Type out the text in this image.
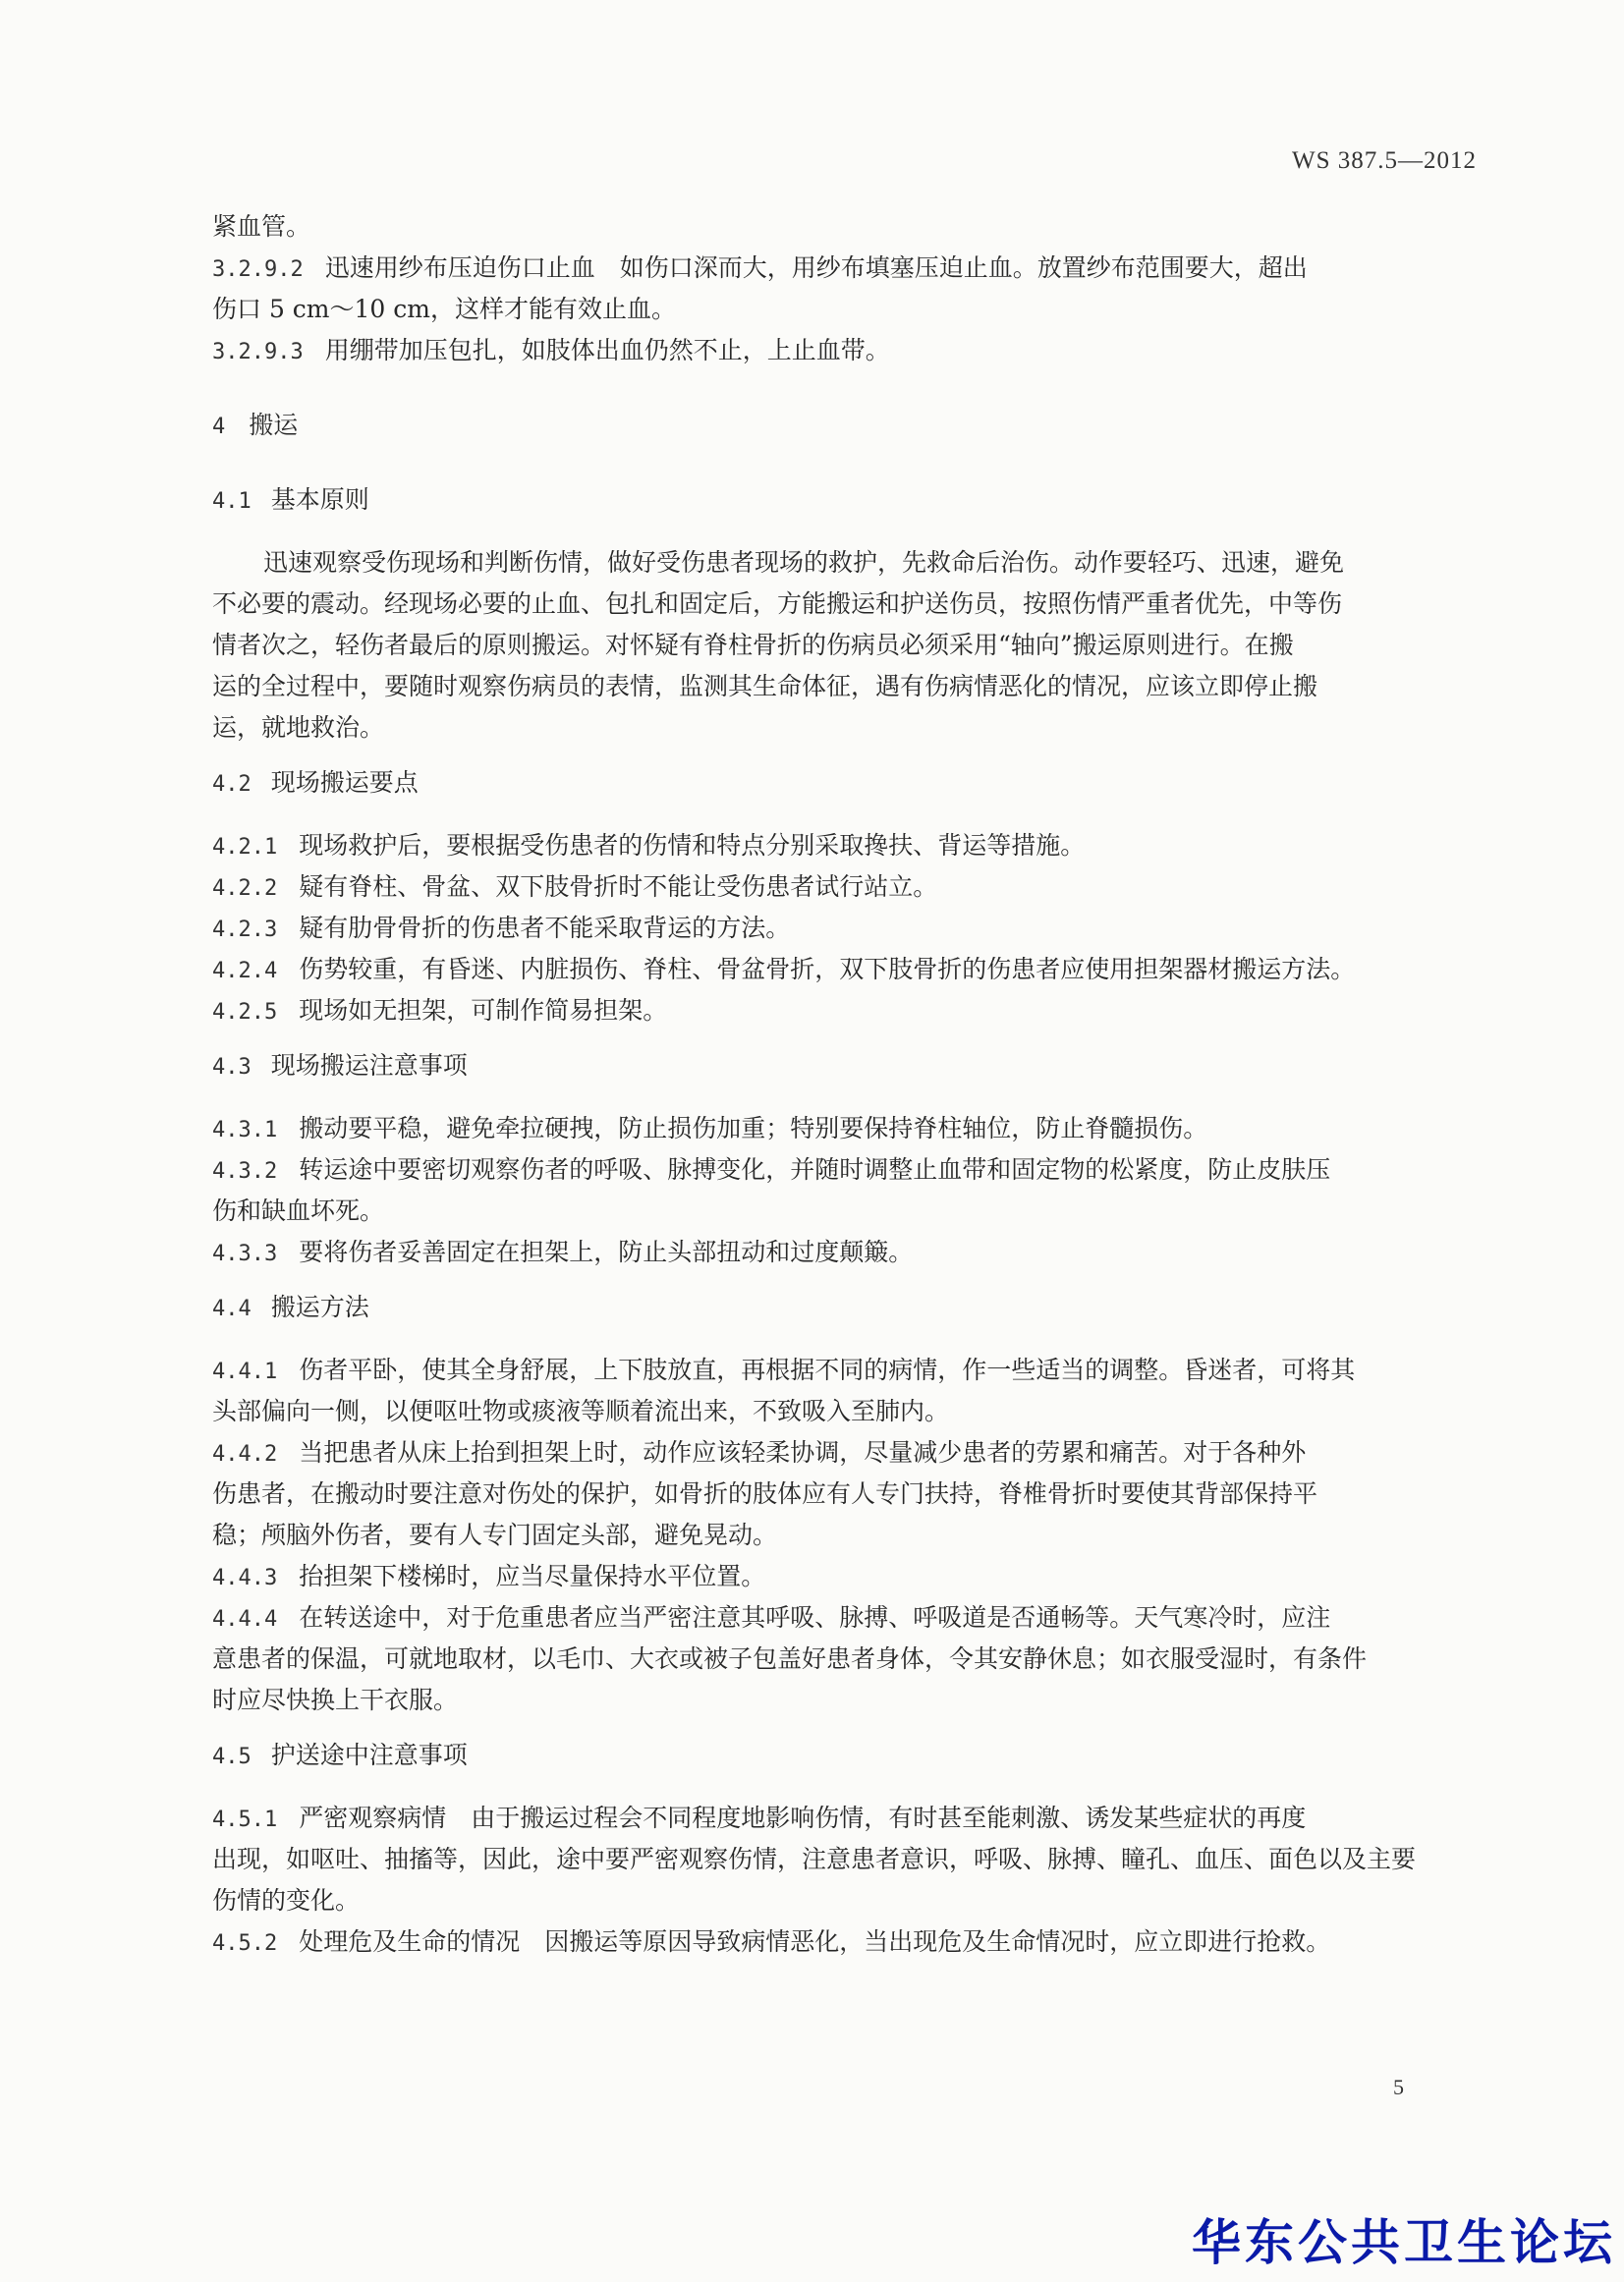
WS 387.5—2012
紧血管。
3.2.9.2 迅速用纱布压迫伤口止血　如伤口深而大，用纱布填塞压迫止血。放置纱布范围要大，超出
伤口 5 cm～10 cm，这样才能有效止血。
3.2.9.3 用绷带加压包扎，如肢体出血仍然不止，上止血带。
4 搬运
4.1 基本原则
迅速观察受伤现场和判断伤情，做好受伤患者现场的救护，先救命后治伤。动作要轻巧、迅速，避免
不必要的震动。经现场必要的止血、包扎和固定后，方能搬运和护送伤员，按照伤情严重者优先，中等伤
情者次之，轻伤者最后的原则搬运。对怀疑有脊柱骨折的伤病员必须采用“轴向”搬运原则进行。在搬
运的全过程中，要随时观察伤病员的表情，监测其生命体征，遇有伤病情恶化的情况，应该立即停止搬
运，就地救治。
4.2 现场搬运要点
4.2.1 现场救护后，要根据受伤患者的伤情和特点分别采取搀扶、背运等措施。
4.2.2 疑有脊柱、骨盆、双下肢骨折时不能让受伤患者试行站立。
4.2.3 疑有肋骨骨折的伤患者不能采取背运的方法。
4.2.4 伤势较重，有昏迷、内脏损伤、脊柱、骨盆骨折，双下肢骨折的伤患者应使用担架器材搬运方法。
4.2.5 现场如无担架，可制作简易担架。
4.3 现场搬运注意事项
4.3.1 搬动要平稳，避免牵拉硬拽，防止损伤加重；特别要保持脊柱轴位，防止脊髓损伤。
4.3.2 转运途中要密切观察伤者的呼吸、脉搏变化，并随时调整止血带和固定物的松紧度，防止皮肤压
伤和缺血坏死。
4.3.3 要将伤者妥善固定在担架上，防止头部扭动和过度颠簸。
4.4 搬运方法
4.4.1 伤者平卧，使其全身舒展，上下肢放直，再根据不同的病情，作一些适当的调整。昏迷者，可将其
头部偏向一侧，以便呕吐物或痰液等顺着流出来，不致吸入至肺内。
4.4.2 当把患者从床上抬到担架上时，动作应该轻柔协调，尽量减少患者的劳累和痛苦。对于各种外
伤患者，在搬动时要注意对伤处的保护，如骨折的肢体应有人专门扶持，脊椎骨折时要使其背部保持平
稳；颅脑外伤者，要有人专门固定头部，避免晃动。
4.4.3 抬担架下楼梯时，应当尽量保持水平位置。
4.4.4 在转送途中，对于危重患者应当严密注意其呼吸、脉搏、呼吸道是否通畅等。天气寒冷时，应注
意患者的保温，可就地取材，以毛巾、大衣或被子包盖好患者身体，令其安静休息；如衣服受湿时，有条件
时应尽快换上干衣服。
4.5 护送途中注意事项
4.5.1 严密观察病情　由于搬运过程会不同程度地影响伤情，有时甚至能刺激、诱发某些症状的再度
出现，如呕吐、抽搐等，因此，途中要严密观察伤情，注意患者意识，呼吸、脉搏、瞳孔、血压、面色以及主要
伤情的变化。
4.5.2 处理危及生命的情况　因搬运等原因导致病情恶化，当出现危及生命情况时，应立即进行抢救。
5
华东公共卫生论坛
